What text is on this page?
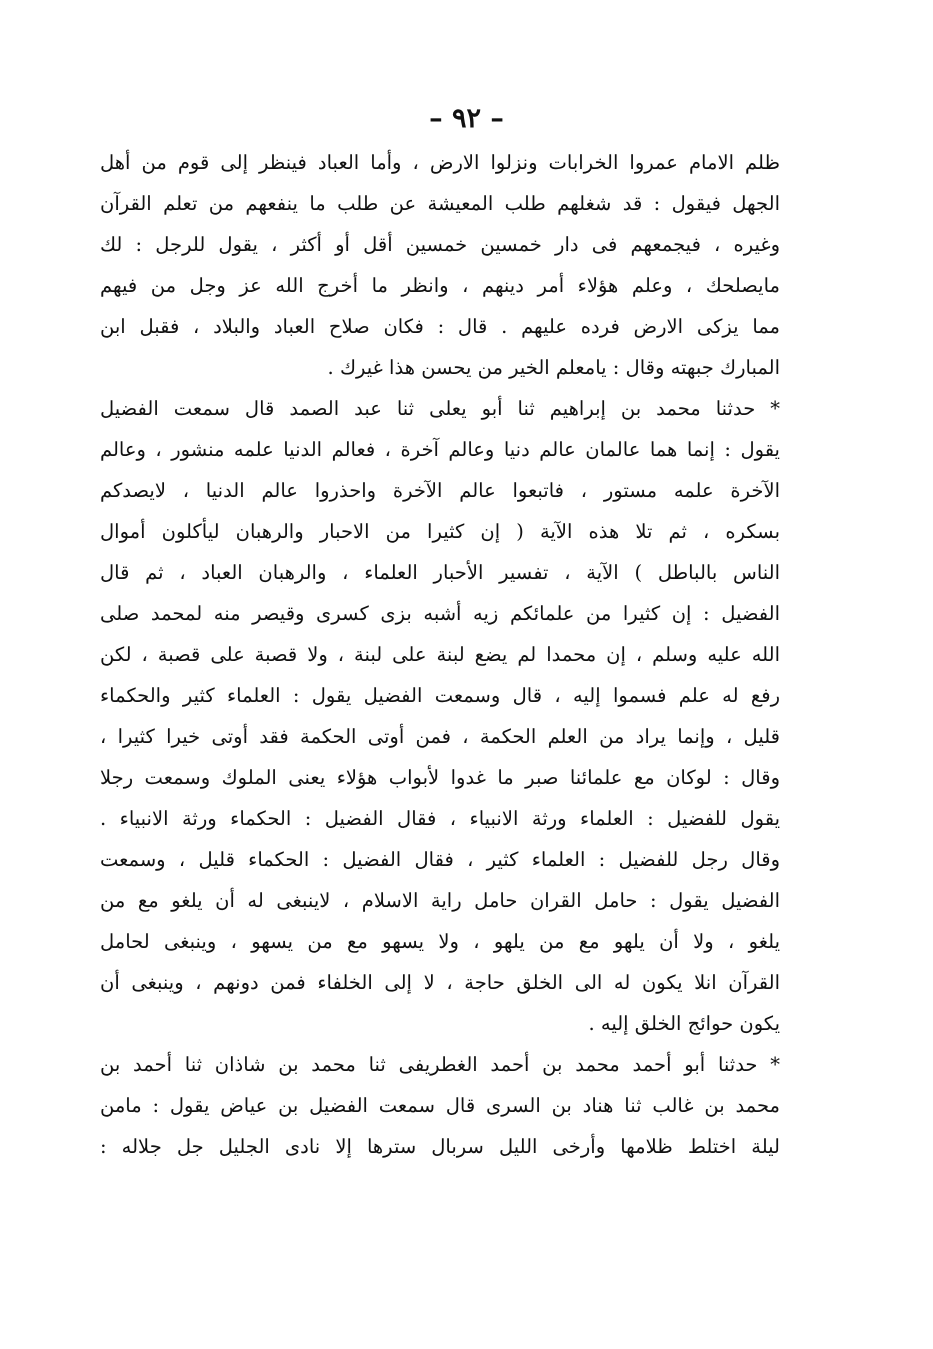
– ٩٢ –
ظلم الامام عمروا الخرابات ونزلوا الارض ، وأما العباد فينظر إلى قوم من أهل
الجهل فيقول : قد شغلهم طلب المعيشة عن طلب ما ينفعهم من تعلم القرآن
وغيره ، فيجمعهم فى دار خمسين خمسين أقل أو أكثر ، يقول للرجل : لك
مايصلحك ، وعلم هؤلاء أمر دينهم ، وانظر ما أخرج الله عز وجل من فيهم
مما يزكى الارض فرده عليهم . قال : فكان صلاح العباد والبلاد ، فقبل ابن
المبارك جبهته وقال : يامعلم الخير من يحسن هذا غيرك .
* حدثنا محمد بن إبراهيم ثنا أبو يعلى ثنا عبد الصمد قال سمعت الفضيل
يقول : إنما هما عالمان عالم دنيا وعالم آخرة ، فعالم الدنيا علمه منشور ، وعالم
الآخرة علمه مستور ، فاتبعوا عالم الآخرة واحذروا عالم الدنيا ، لايصدكم
بسكره ، ثم تلا هذه الآية ( إن كثيرا من الاحبار والرهبان ليأكلون أموال
الناس بالباطل ) الآية ، تفسير الأحبار العلماء ، والرهبان العباد ، ثم قال
الفضيل : إن كثيرا من علمائكم زيه أشبه بزى كسرى وقيصر منه لمحمد صلى
الله عليه وسلم ، إن محمدا لم يضع لبنة على لبنة ، ولا قصبة على قصبة ، لكن
رفع له علم فسموا إليه ، قال وسمعت الفضيل يقول : العلماء كثير والحكماء
قليل ، وإنما يراد من العلم الحكمة ، فمن أوتى الحكمة فقد أوتى خيرا كثيرا ،
وقال : لوكان مع علمائنا صبر ما غدوا لأبواب هؤلاء يعنى الملوك وسمعت رجلا
يقول للفضيل : العلماء ورثة الانبياء ، فقال الفضيل : الحكماء ورثة الانبياء .
وقال رجل للفضيل : العلماء كثير ، فقال الفضيل : الحكماء قليل ، وسمعت
الفضيل يقول : حامل القران حامل راية الاسلام ، لاينبغى له أن يلغو مع من
يلغو ، ولا أن يلهو مع من يلهو ، ولا يسهو مع من يسهو ، وينبغى لحامل
القرآن انلا يكون له الى الخلق حاجة ، لا إلى الخلفاء فمن دونهم ، وينبغى أن
يكون حوائج الخلق إليه .
* حدثنا أبو أحمد محمد بن أحمد الغطريفى ثنا محمد بن شاذان ثنا أحمد بن
محمد بن غالب ثنا هناد بن السرى قال سمعت الفضيل بن عياض يقول : مامن
ليلة اختلط ظلامها وأرخى الليل سربال سترها إلا نادى الجليل جل جلاله :
